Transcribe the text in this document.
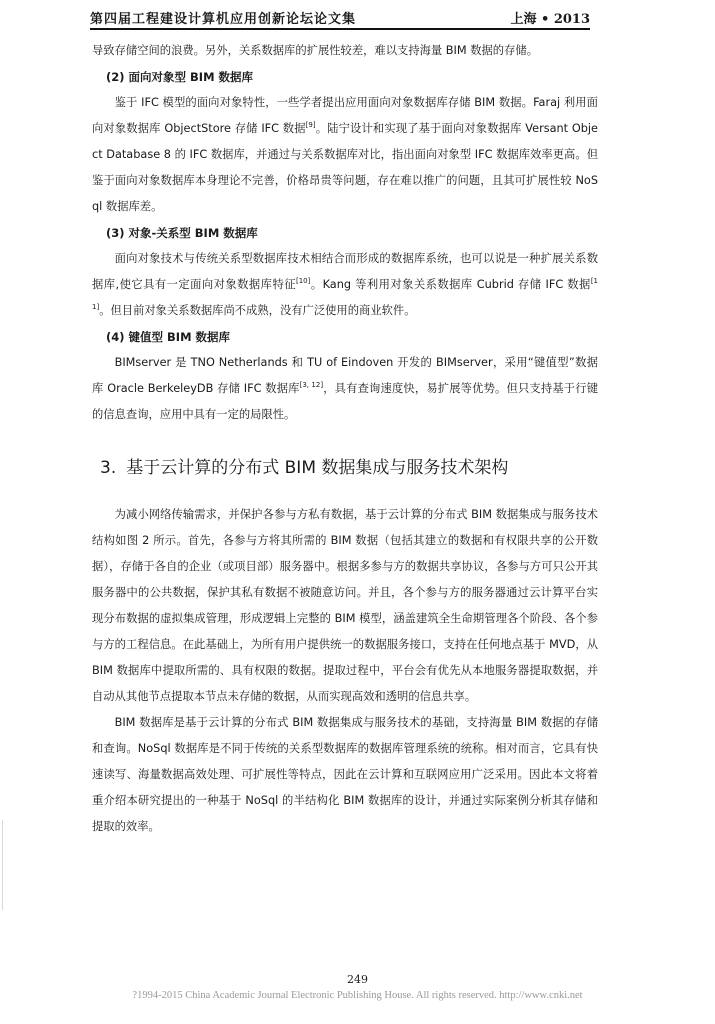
第四届工程建设计算机应用创新论坛论文集	上海 • 2013

导致存储空间的浪费。另外，关系数据库的扩展性较差，难以支持海量 BIM 数据的存储。

(2) 面向对象型 BIM 数据库

鉴于 IFC 模型的面向对象特性，一些学者提出应用面向对象数据库存储 BIM 数据。Faraj 利用面向对象数据库 ObjectStore 存储 IFC 数据[9]。陆宁设计和实现了基于面向对象数据库 Versant Object Database 8 的 IFC 数据库，并通过与关系数据库对比，指出面向对象型 IFC 数据库效率更高。但鉴于面向对象数据库本身理论不完善，价格昂贵等问题，存在难以推广的问题，且其可扩展性较 NoSql 数据库差。

(3) 对象-关系型 BIM 数据库

面向对象技术与传统关系型数据库技术相结合而形成的数据库系统，也可以说是一种扩展关系数据库,使它具有一定面向对象数据库特征[10]。Kang 等利用对象关系数据库 Cubrid 存储 IFC 数据[11]。但目前对象关系数据库尚不成熟，没有广泛使用的商业软件。

(4) 键值型 BIM 数据库

BIMserver 是 TNO Netherlands 和 TU of Eindoven 开发的 BIMserver，采用“键值型”数据库 Oracle BerkeleyDB 存储 IFC 数据库[3, 12]，具有查询速度快，易扩展等优势。但只支持基于行键的信息查询，应用中具有一定的局限性。

3. 基于云计算的分布式 BIM 数据集成与服务技术架构

为减小网络传输需求，并保护各参与方私有数据，基于云计算的分布式 BIM 数据集成与服务技术结构如图 2 所示。首先，各参与方将其所需的 BIM 数据（包括其建立的数据和有权限共享的公开数据），存储于各自的企业（或项目部）服务器中。根据多参与方的数据共享协议，各参与方可只公开其服务器中的公共数据，保护其私有数据不被随意访问。并且，各个参与方的服务器通过云计算平台实现分布数据的虚拟集成管理，形成逻辑上完整的 BIM 模型，涵盖建筑全生命期管理各个阶段、各个参与方的工程信息。在此基础上，为所有用户提供统一的数据服务接口，支持在任何地点基于 MVD，从 BIM 数据库中提取所需的、具有权限的数据。提取过程中，平台会有优先从本地服务器提取数据，并自动从其他节点提取本节点未存储的数据，从而实现高效和透明的信息共享。

BIM 数据库是基于云计算的分布式 BIM 数据集成与服务技术的基础，支持海量 BIM 数据的存储和查询。NoSql 数据库是不同于传统的关系型数据库的数据库管理系统的统称。相对而言，它具有快速读写、海量数据高效处理、可扩展性等特点，因此在云计算和互联网应用广泛采用。因此本文将着重介绍本研究提出的一种基于 NoSql 的半结构化 BIM 数据库的设计，并通过实际案例分析其存储和提取的效率。

249
?1994-2015 China Academic Journal Electronic Publishing House. All rights reserved. http://www.cnki.net
